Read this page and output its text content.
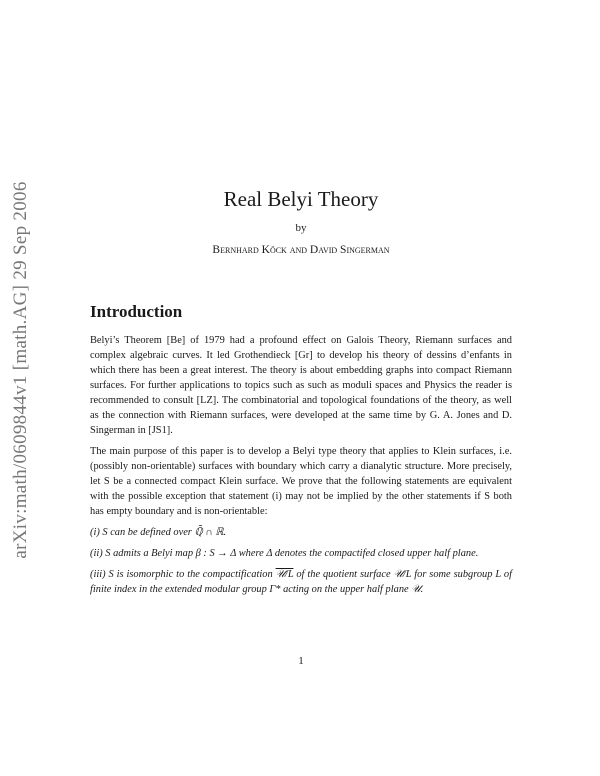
arXiv:math/0609844v1 [math.AG] 29 Sep 2006	Real Belyi Theory
by
Bernhard Köck and David Singerman
Introduction

Belyi’s Theorem [Be] of 1979 had a profound effect on Galois Theory, Riemann surfaces and complex algebraic curves. It led Grothendieck [Gr] to develop his theory of dessins d’enfants in which there has been a great interest. The theory is about embedding graphs into compact Riemann surfaces. For further applications to topics such as such as moduli spaces and Physics the reader is recommended to consult [LZ]. The combinatorial and topological foundations of the theory, as well as the connection with Riemann surfaces, were developed at the same time by G. A. Jones and D. Singerman in [JS1].

The main purpose of this paper is to develop a Belyi type theory that applies to Klein surfaces, i.e. (possibly non-orientable) surfaces with boundary which carry a dianalytic structure. More precisely, let S be a connected compact Klein surface. We prove that the following statements are equivalent with the possible exception that statement (i) may not be implied by the other statements if S both has empty boundary and is non-orientable:

(i) S can be defined over ℚ̄ ∩ ℝ.

(ii) S admits a Belyi map β : S → Δ where Δ denotes the compactifed closed upper half plane.

(iii) S is isomorphic to the compactification 𝒰/L of the quotient surface 𝒰/L for some subgroup L of finite index in the extended modular group Γ* acting on the upper half plane 𝒰.

1
